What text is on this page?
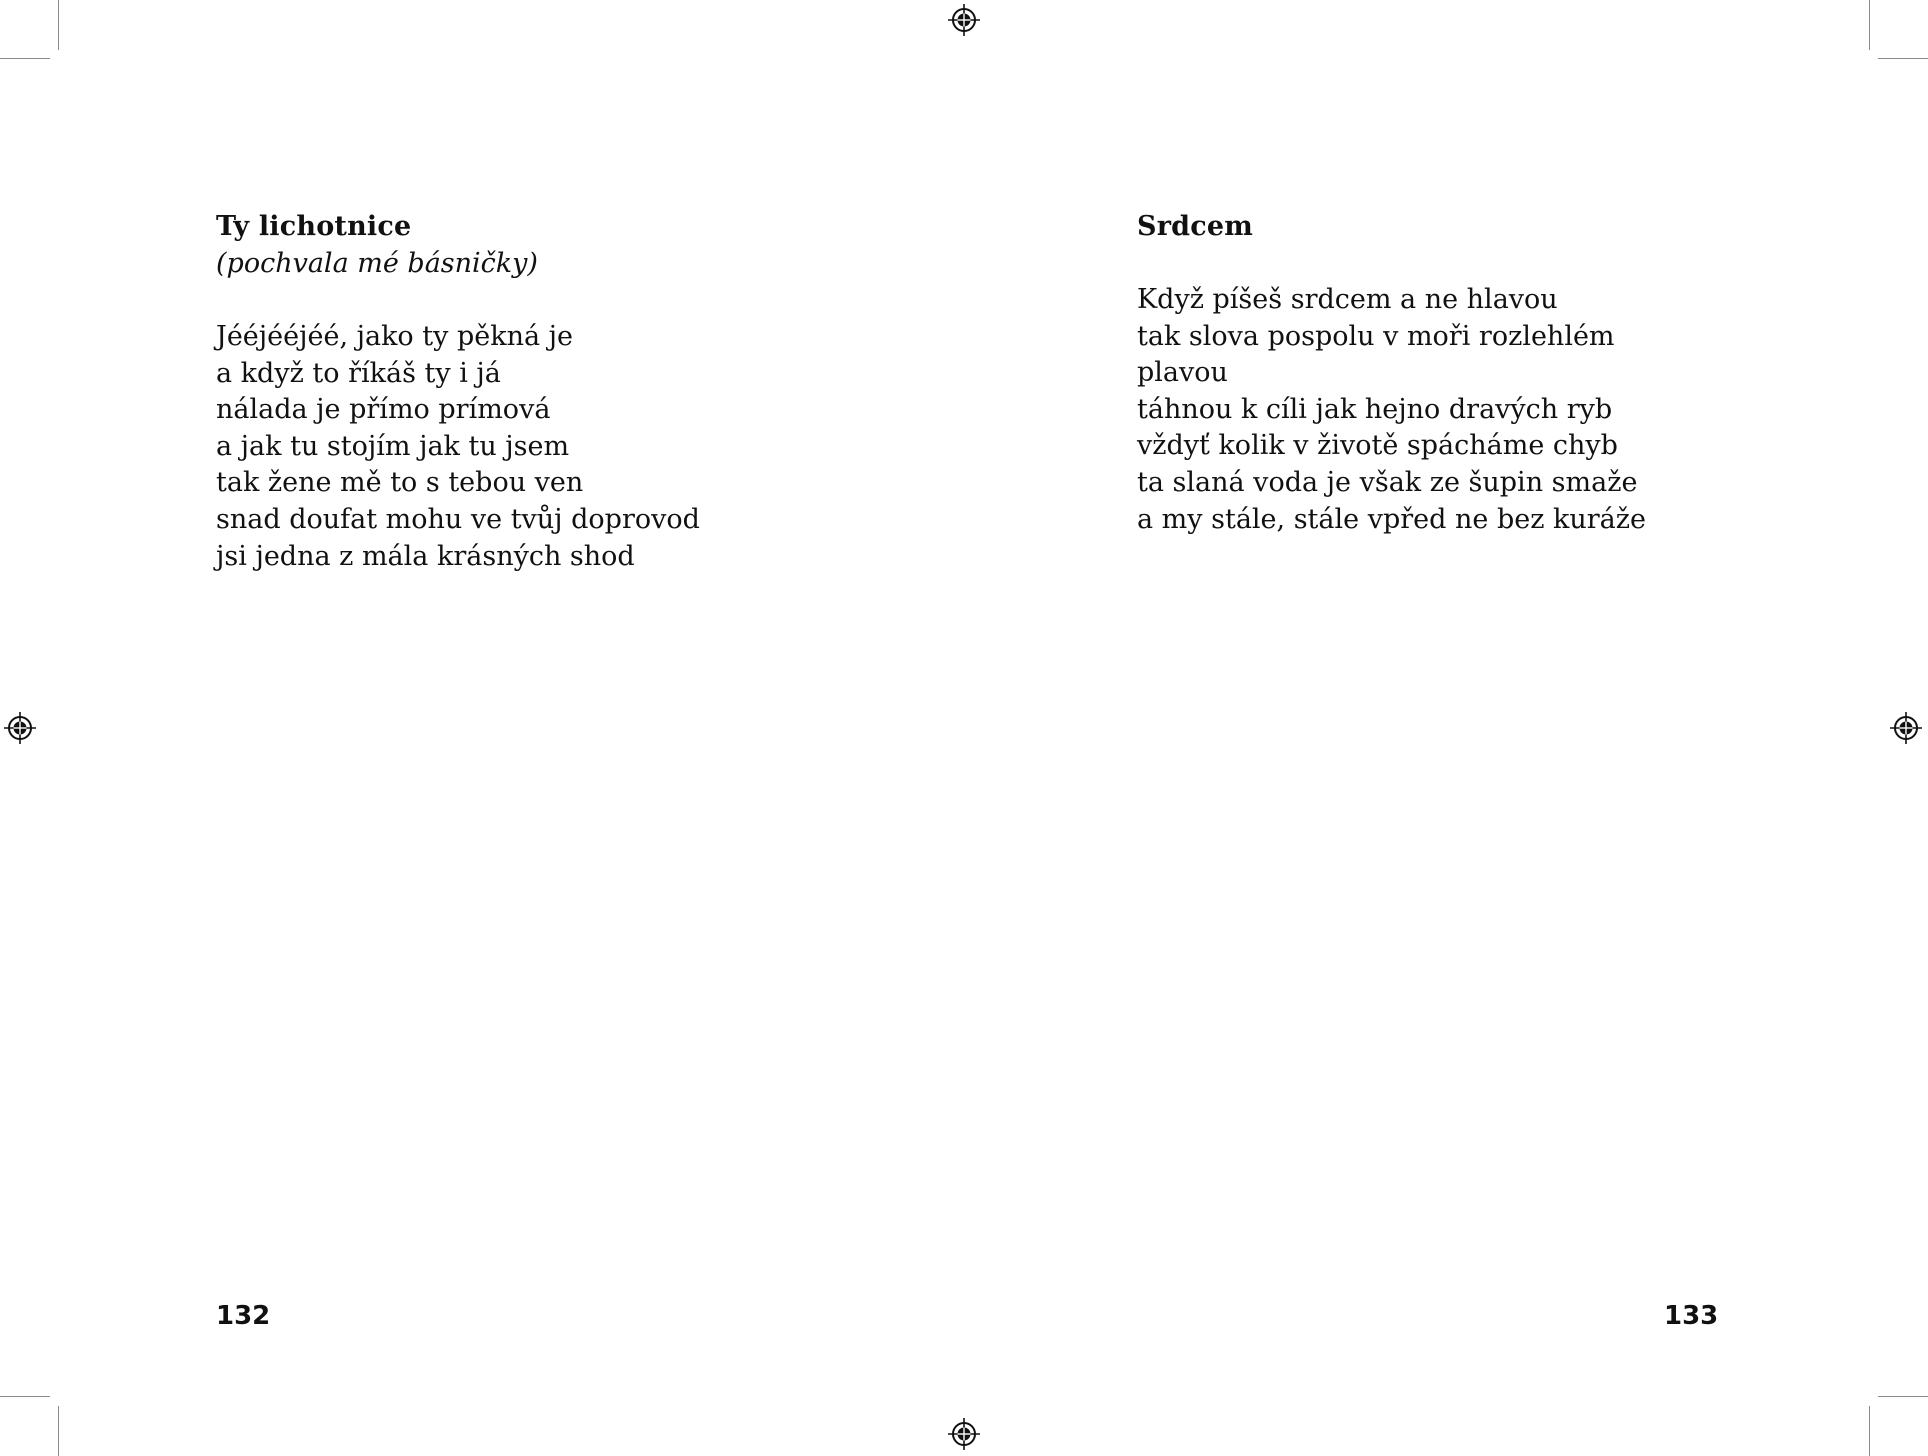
Ty lichotnice
(pochvala mé básničky)
Jééjééjéé, jako ty pěkná je
a když to říkáš ty i já
nálada je přímo prímová
a jak tu stojím jak tu jsem
tak žene mě to s tebou ven
snad doufat mohu ve tvůj doprovod
jsi jedna z mála krásných shod
Srdcem
Když píšeš srdcem a ne hlavou
tak slova pospolu v moři rozlehlém
plavou
táhnou k cíli jak hejno dravých ryb
vždyť kolik v životě spácháme chyb
ta slaná voda je však ze šupin smaže
a my stále, stále vpřed ne bez kuráže
132	133
